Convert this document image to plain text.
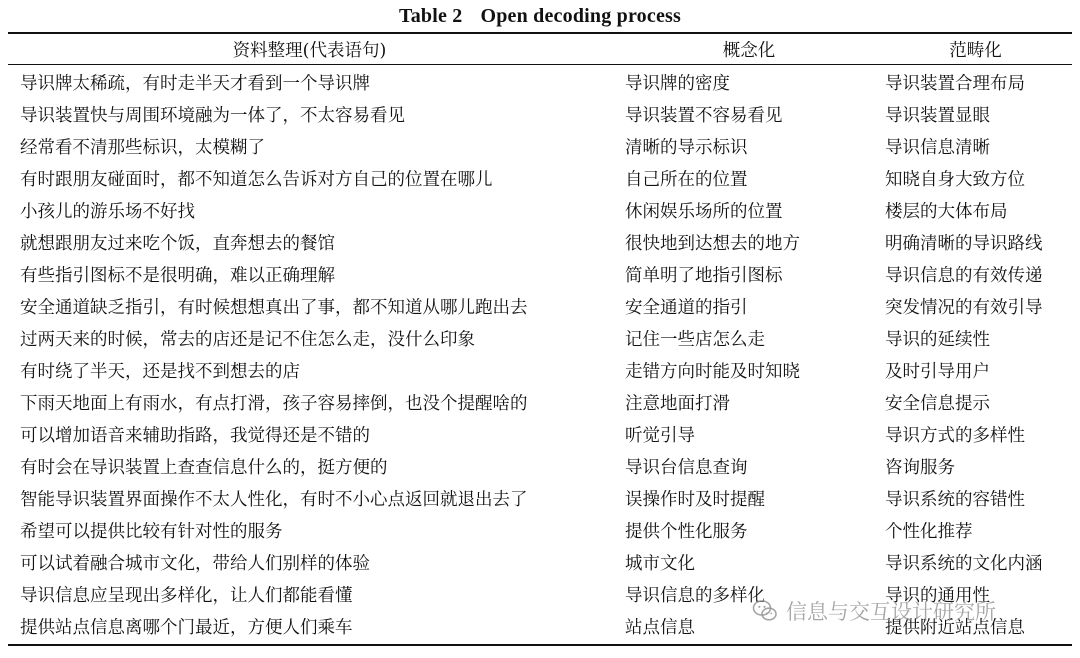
Table 2 Open decoding process
资料整理(代表语句)	概念化	范畴化
导识牌太稀疏，有时走半天才看到一个导识牌	导识牌的密度	导识装置合理布局
导识装置快与周围环境融为一体了，不太容易看见	导识装置不容易看见	导识装置显眼
经常看不清那些标识，太模糊了	清晰的导示标识	导识信息清晰
有时跟朋友碰面时，都不知道怎么告诉对方自己的位置在哪儿	自己所在的位置	知晓自身大致方位
小孩儿的游乐场不好找	休闲娱乐场所的位置	楼层的大体布局
就想跟朋友过来吃个饭，直奔想去的餐馆	很快地到达想去的地方	明确清晰的导识路线
有些指引图标不是很明确，难以正确理解	简单明了地指引图标	导识信息的有效传递
安全通道缺乏指引，有时候想想真出了事，都不知道从哪儿跑出去	安全通道的指引	突发情况的有效引导
过两天来的时候，常去的店还是记不住怎么走，没什么印象	记住一些店怎么走	导识的延续性
有时绕了半天，还是找不到想去的店	走错方向时能及时知晓	及时引导用户
下雨天地面上有雨水，有点打滑，孩子容易摔倒，也没个提醒啥的	注意地面打滑	安全信息提示
可以增加语音来辅助指路，我觉得还是不错的	听觉引导	导识方式的多样性
有时会在导识装置上查查信息什么的，挺方便的	导识台信息查询	咨询服务
智能导识装置界面操作不太人性化，有时不小心点返回就退出去了	误操作时及时提醒	导识系统的容错性
希望可以提供比较有针对性的服务	提供个性化服务	个性化推荐
可以试着融合城市文化，带给人们别样的体验	城市文化	导识系统的文化内涵
导识信息应呈现出多样化，让人们都能看懂	导识信息的多样化	导识的通用性
提供站点信息离哪个门最近，方便人们乘车	站点信息	提供附近站点信息
信息与交互设计研究所
